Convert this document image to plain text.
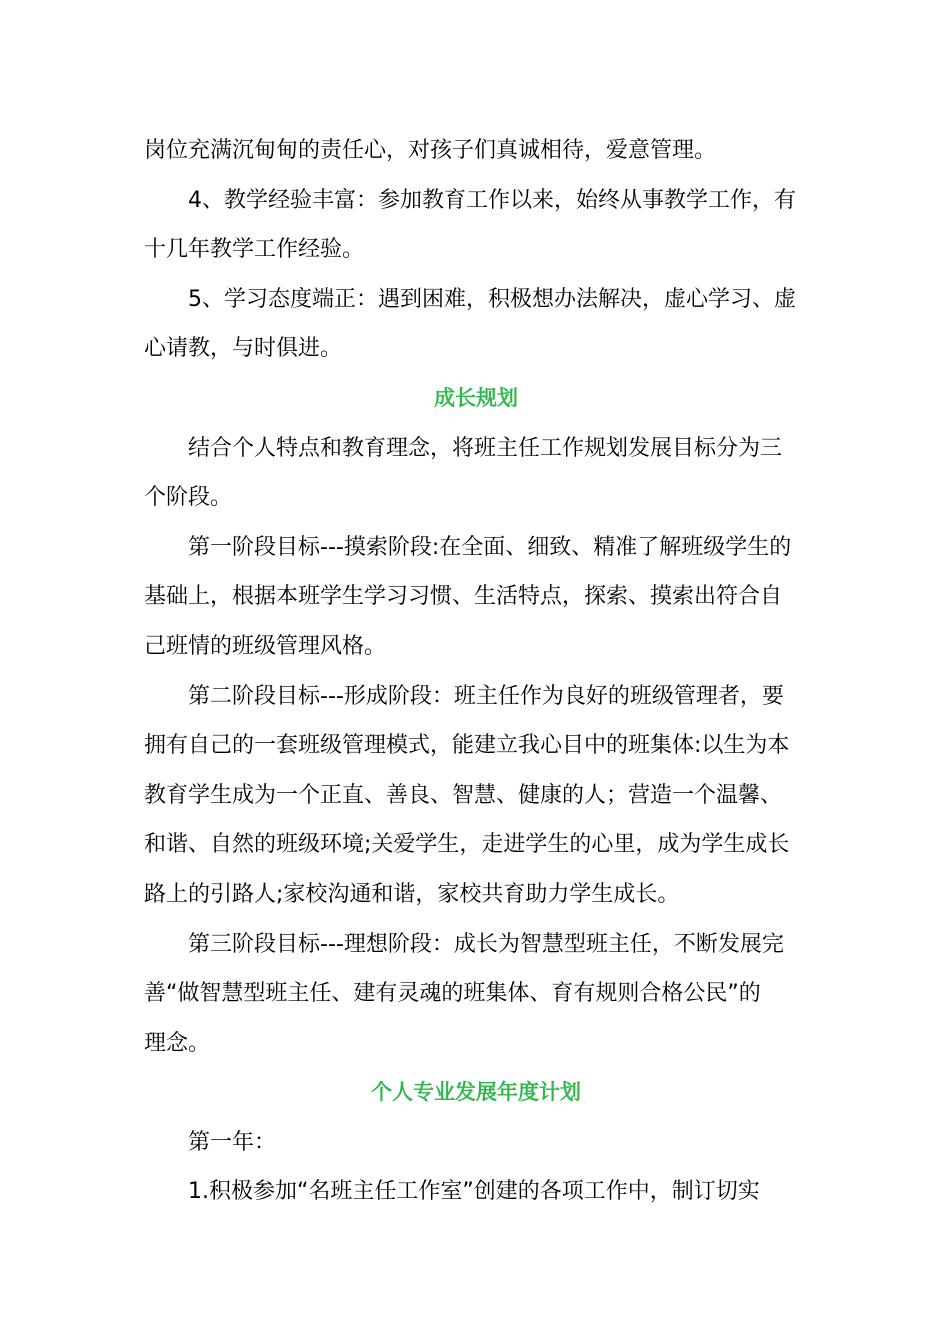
岗位充满沉甸甸的责任心，对孩子们真诚相待，爱意管理。
4、教学经验丰富：参加教育工作以来，始终从事教学工作，有
十几年教学工作经验。
5、学习态度端正：遇到困难，积极想办法解决，虚心学习、虚
心请教，与时俱进。
成长规划
结合个人特点和教育理念，将班主任工作规划发展目标分为三
个阶段。
第一阶段目标---摸索阶段:在全面、细致、精准了解班级学生的
基础上，根据本班学生学习习惯、生活特点，探索、摸索出符合自
己班情的班级管理风格。
第二阶段目标---形成阶段：班主任作为良好的班级管理者，要
拥有自己的一套班级管理模式，能建立我心目中的班集体:以生为本
教育学生成为一个正直、善良、智慧、健康的人；营造一个温馨、
和谐、自然的班级环境;关爱学生，走进学生的心里，成为学生成长
路上的引路人;家校沟通和谐，家校共育助力学生成长。
第三阶段目标---理想阶段：成长为智慧型班主任，不断发展完
善“做智慧型班主任、建有灵魂的班集体、育有规则合格公民”的
理念。
个人专业发展年度计划
第一年：
1.积极参加“名班主任工作室”创建的各项工作中，制订切实
